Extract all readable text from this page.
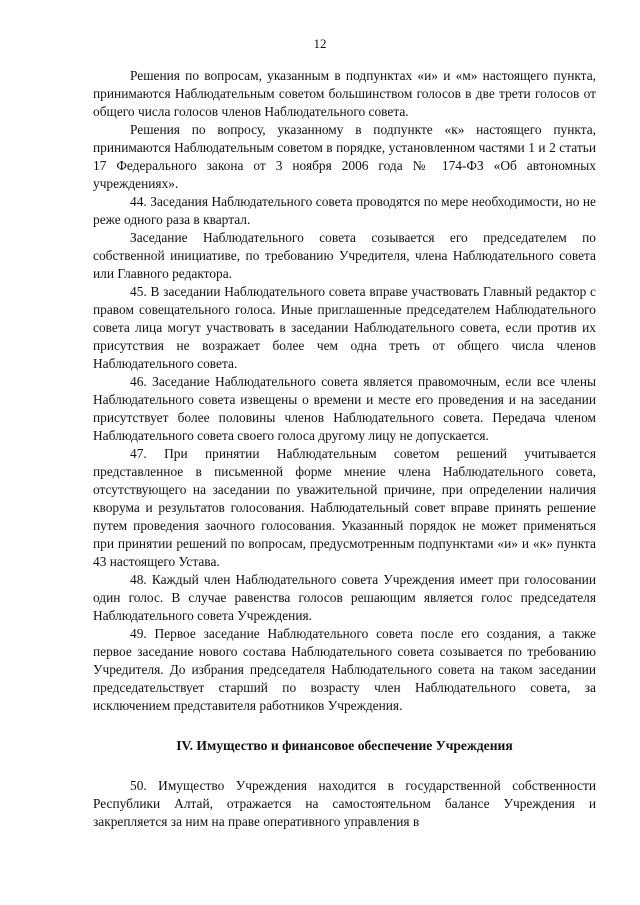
12

Решения по вопросам, указанным в подпунктах «и» и «м» настоящего пункта, принимаются Наблюдательным советом большинством голосов в две трети голосов от общего числа голосов членов Наблюдательного совета.

Решения по вопросу, указанному в подпункте «к» настоящего пункта, принимаются Наблюдательным советом в порядке, установленном частями 1 и 2 статьи 17 Федерального закона от 3 ноября 2006 года № 174-ФЗ «Об автономных учреждениях».

44. Заседания Наблюдательного совета проводятся по мере необходимости, но не реже одного раза в квартал.

Заседание Наблюдательного совета созывается его председателем по собственной инициативе, по требованию Учредителя, члена Наблюдательного совета или Главного редактора.

45. В заседании Наблюдательного совета вправе участвовать Главный редактор с правом совещательного голоса. Иные приглашенные председателем Наблюдательного совета лица могут участвовать в заседании Наблюдательного совета, если против их присутствия не возражает более чем одна треть от общего числа членов Наблюдательного совета.

46. Заседание Наблюдательного совета является правомочным, если все члены Наблюдательного совета извещены о времени и месте его проведения и на заседании присутствует более половины членов Наблюдательного совета. Передача членом Наблюдательного совета своего голоса другому лицу не допускается.

47. При принятии Наблюдательным советом решений учитывается представленное в письменной форме мнение члена Наблюдательного совета, отсутствующего на заседании по уважительной причине, при определении наличия кворума и результатов голосования. Наблюдательный совет вправе принять решение путем проведения заочного голосования. Указанный порядок не может применяться при принятии решений по вопросам, предусмотренным подпунктами «и» и «к» пункта 43 настоящего Устава.

48. Каждый член Наблюдательного совета Учреждения имеет при голосовании один голос. В случае равенства голосов решающим является голос председателя Наблюдательного совета Учреждения.

49. Первое заседание Наблюдательного совета после его создания, а также первое заседание нового состава Наблюдательного совета созывается по требованию Учредителя. До избрания председателя Наблюдательного совета на таком заседании председательствует старший по возрасту член Наблюдательного совета, за исключением представителя работников Учреждения.

IV. Имущество и финансовое обеспечение Учреждения

50. Имущество Учреждения находится в государственной собственности Республики Алтай, отражается на самостоятельном балансе Учреждения и закрепляется за ним на праве оперативного управления в
